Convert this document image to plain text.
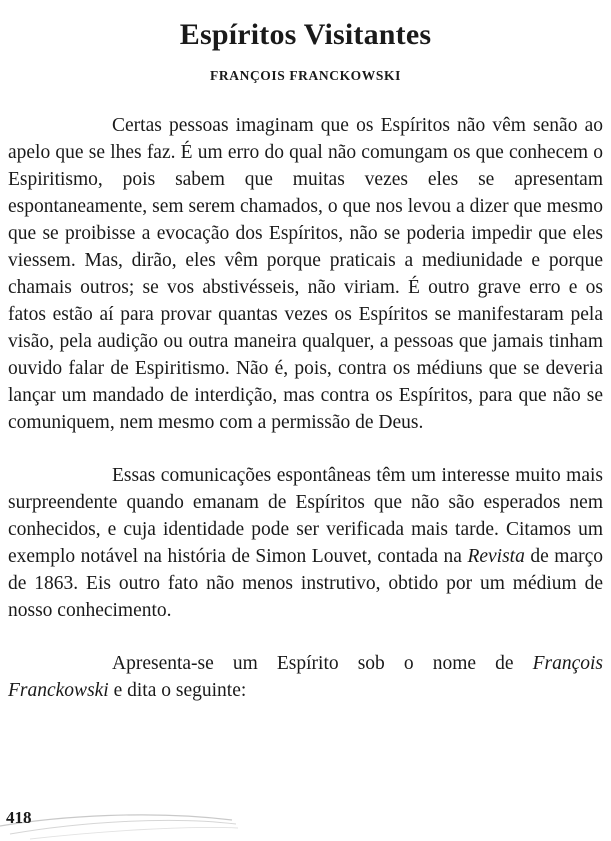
Espíritos Visitantes
FRANÇOIS FRANCKOWSKI

Certas pessoas imaginam que os Espíritos não vêm senão ao apelo que se lhes faz. É um erro do qual não comungam os que conhecem o Espiritismo, pois sabem que muitas vezes eles se apresentam espontaneamente, sem serem chamados, o que nos levou a dizer que mesmo que se proibisse a evocação dos Espíritos, não se poderia impedir que eles viessem. Mas, dirão, eles vêm porque praticais a mediunidade e porque chamais outros; se vos abstivésseis, não viriam. É outro grave erro e os fatos estão aí para provar quantas vezes os Espíritos se manifestaram pela visão, pela audição ou outra maneira qualquer, a pessoas que jamais tinham ouvido falar de Espiritismo. Não é, pois, contra os médiuns que se deveria lançar um mandado de interdição, mas contra os Espíritos, para que não se comuniquem, nem mesmo com a permissão de Deus.

Essas comunicações espontâneas têm um interesse muito mais surpreendente quando emanam de Espíritos que não são esperados nem conhecidos, e cuja identidade pode ser verificada mais tarde. Citamos um exemplo notável na história de Simon Louvet, contada na Revista de março de 1863. Eis outro fato não menos instrutivo, obtido por um médium de nosso conhecimento.

Apresenta-se um Espírito sob o nome de François Franckowski e dita o seguinte:

418
